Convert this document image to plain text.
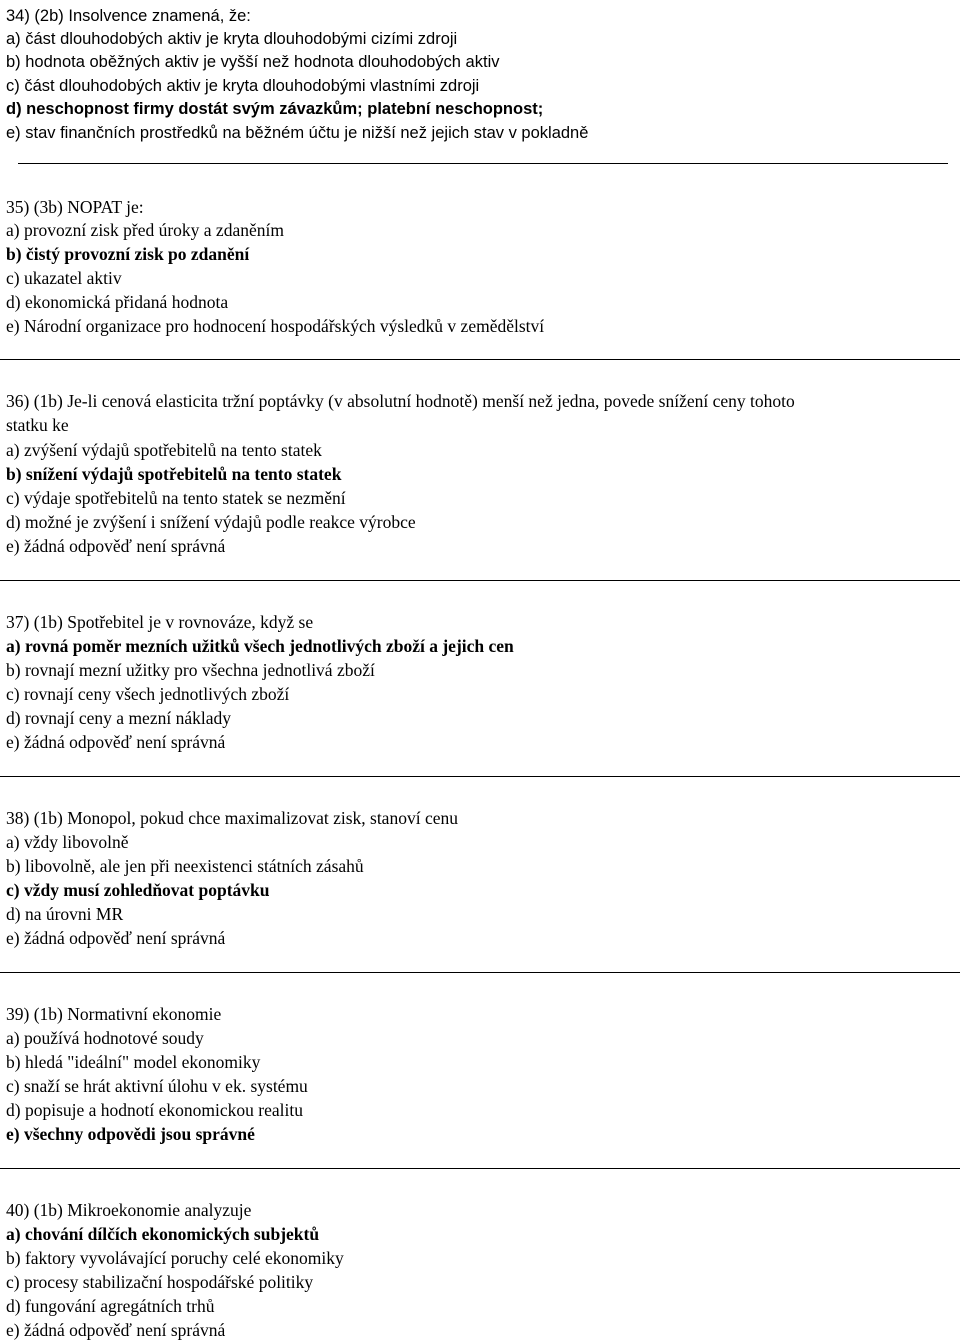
34) (2b) Insolvence znamená, že:
a) část dlouhodobých aktiv je kryta dlouhodobými cizími zdroji
b) hodnota oběžných aktiv je vyšší než hodnota dlouhodobých aktiv
c) část dlouhodobých aktiv je kryta dlouhodobými vlastními zdroji
d) neschopnost firmy dostát svým závazkům; platební neschopnost;
e) stav finančních prostředků na běžném účtu je nižší než jejich stav v pokladně
35) (3b) NOPAT je:
a) provozní zisk před úroky a zdaněním
b) čistý provozní zisk po zdanění
c) ukazatel aktiv
d) ekonomická přidaná hodnota
e) Národní organizace pro hodnocení hospodářských výsledků v zemědělství
36) (1b) Je-li cenová elasticita tržní poptávky (v absolutní hodnotě) menší než jedna, povede snížení ceny tohoto
statku ke
a) zvýšení výdajů spotřebitelů na tento statek
b) snížení výdajů spotřebitelů na tento statek
c) výdaje spotřebitelů na tento statek se nezmění
d) možné je zvýšení i snížení výdajů podle reakce výrobce
e) žádná odpověď není správná
37) (1b) Spotřebitel je v rovnováze, když se
a) rovná poměr mezních užitků všech jednotlivých zboží a jejich cen
b) rovnají mezní užitky pro všechna jednotlivá zboží
c) rovnají ceny všech jednotlivých zboží
d) rovnají ceny a mezní náklady
e) žádná odpověď není správná
38) (1b) Monopol, pokud chce maximalizovat zisk, stanoví cenu
a) vždy libovolně
b) libovolně, ale jen při neexistenci státních zásahů
c) vždy musí zohledňovat poptávku
d) na úrovni MR
e) žádná odpověď není správná
39) (1b) Normativní ekonomie
a) používá hodnotové soudy
b) hledá "ideální" model ekonomiky
c) snaží se hrát aktivní úlohu v ek. systému
d) popisuje a hodnotí ekonomickou realitu
e) všechny odpovědi jsou správné
40) (1b) Mikroekonomie analyzuje
a) chování dílčích ekonomických subjektů
b) faktory vyvolávající poruchy celé ekonomiky
c) procesy stabilizační hospodářské politiky
d) fungování agregátních trhů
e) žádná odpověď není správná
